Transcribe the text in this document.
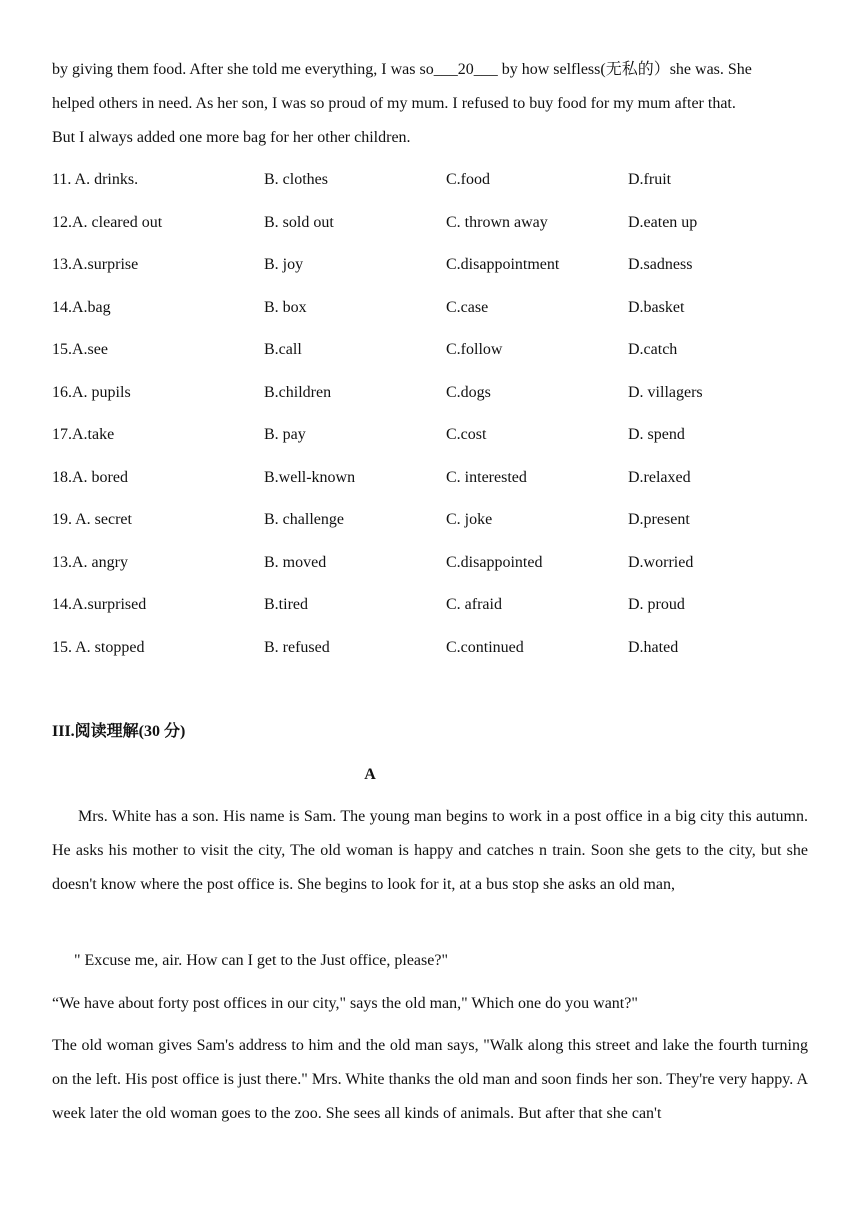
by giving them food. After she told me everything, I was so___20___ by how selfless(无私的）she was. She
helped others in need. As her son, I was so proud of my mum. I refused to buy food for my mum after that.
But I always added one more bag for her other children.
11. A. drinks.	B. clothes	C.food	D.fruit
12.A. cleared out	B. sold out	C. thrown away	D.eaten up
13.A.surprise	B. joy	C.disappointment	D.sadness
14.A.bag	B. box	C.case	D.basket
15.A.see	B.call	C.follow	D.catch
16.A. pupils	B.children	C.dogs	D. villagers
17.A.take	B. pay	C.cost	D. spend
18.A. bored	B.well-known	C. interested	D.relaxed
19. A. secret	B. challenge	C. joke	D.present
13.A. angry	B. moved	C.disappointed	D.worried
14.A.surprised	B.tired	C. afraid	D. proud
15. A. stopped	B. refused	C.continued	D.hated
III.阅读理解(30 分)
A

Mrs. White has a son. His name is Sam. The young man begins to work in a post office in a big city this autumn. He asks his mother to visit the city, The old woman is happy and catches n train. Soon she gets to the city, but she doesn't know where the post office is. She begins to look for it, at a bus stop she asks an old man,

" Excuse me, air. How can I get to the Just office, please?"
“We have about forty post offices in our city," says the old man," Which one do you want?"

The old woman gives Sam's address to him and the old man says, "Walk along this street and lake the fourth turning on the left. His post office is just there." Mrs. White thanks the old man and soon finds her son. They're very happy. A week later the old woman goes to the zoo. She sees all kinds of animals. But after that she can't
